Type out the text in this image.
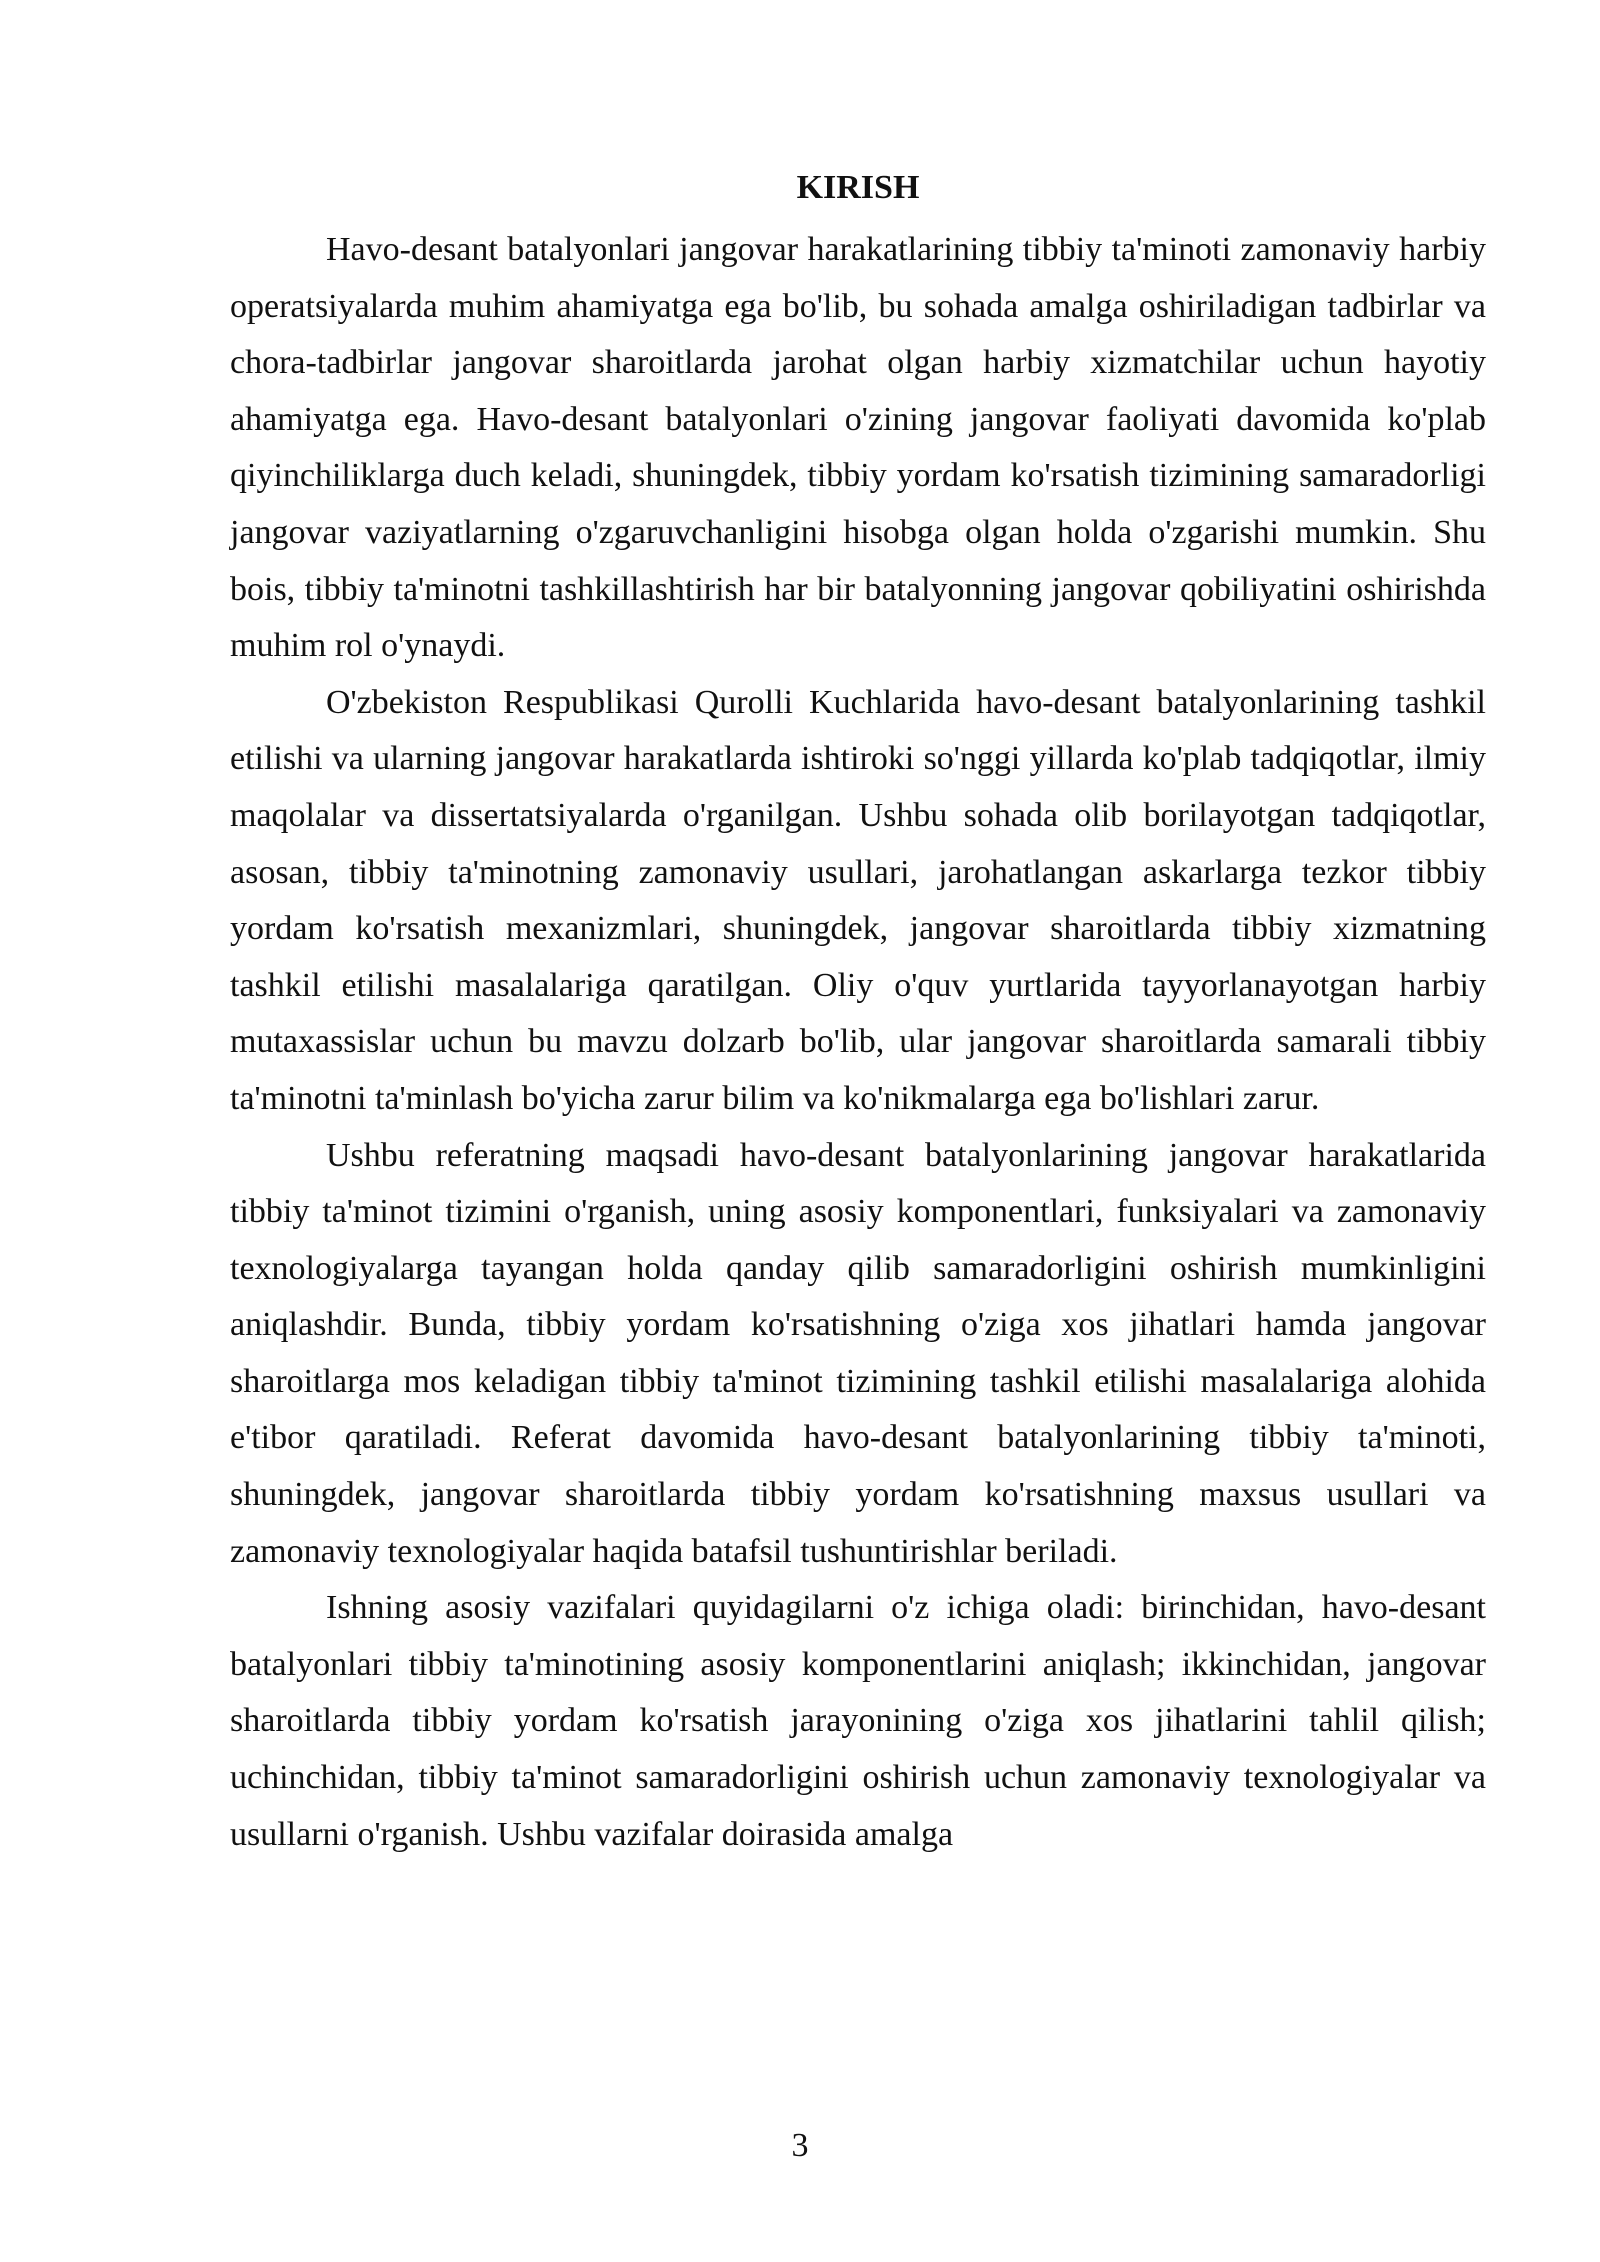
KIRISH

Havo-desant batalyonlari jangovar harakatlarining tibbiy ta'minoti zamonaviy harbiy operatsiyalarda muhim ahamiyatga ega bo'lib, bu sohada amalga oshiriladigan tadbirlar va chora-tadbirlar jangovar sharoitlarda jarohat olgan harbiy xizmatchilar uchun hayotiy ahamiyatga ega. Havo-desant batalyonlari o'zining jangovar faoliyati davomida ko'plab qiyinchiliklarga duch keladi, shuningdek, tibbiy yordam ko'rsatish tizimining samaradorligi jangovar vaziyatlarning o'zgaruvchanligini hisobga olgan holda o'zgarishi mumkin. Shu bois, tibbiy ta'minotni tashkillashtirish har bir batalyonning jangovar qobiliyatini oshirishda muhim rol o'ynaydi.

O'zbekiston Respublikasi Qurolli Kuchlarida havo-desant batalyonlarining tashkil etilishi va ularning jangovar harakatlarda ishtiroki so'nggi yillarda ko'plab tadqiqotlar, ilmiy maqolalar va dissertatsiyalarda o'rganilgan. Ushbu sohada olib borilayotgan tadqiqotlar, asosan, tibbiy ta'minotning zamonaviy usullari, jarohatlangan askarlarga tezkor tibbiy yordam ko'rsatish mexanizmlari, shuningdek, jangovar sharoitlarda tibbiy xizmatning tashkil etilishi masalalariga qaratilgan. Oliy o'quv yurtlarida tayyorlanayotgan harbiy mutaxassislar uchun bu mavzu dolzarb bo'lib, ular jangovar sharoitlarda samarali tibbiy ta'minotni ta'minlash bo'yicha zarur bilim va ko'nikmalarga ega bo'lishlari zarur.

Ushbu referatning maqsadi havo-desant batalyonlarining jangovar harakatlarida tibbiy ta'minot tizimini o'rganish, uning asosiy komponentlari, funksiyalari va zamonaviy texnologiyalarga tayangan holda qanday qilib samaradorligini oshirish mumkinligini aniqlashdir. Bunda, tibbiy yordam ko'rsatishning o'ziga xos jihatlari hamda jangovar sharoitlarga mos keladigan tibbiy ta'minot tizimining tashkil etilishi masalalariga alohida e'tibor qaratiladi. Referat davomida havo-desant batalyonlarining tibbiy ta'minoti, shuningdek, jangovar sharoitlarda tibbiy yordam ko'rsatishning maxsus usullari va zamonaviy texnologiyalar haqida batafsil tushuntirishlar beriladi.

Ishning asosiy vazifalari quyidagilarni o'z ichiga oladi: birinchidan, havo-desant batalyonlari tibbiy ta'minotining asosiy komponentlarini aniqlash; ikkinchidan, jangovar sharoitlarda tibbiy yordam ko'rsatish jarayonining o'ziga xos jihatlarini tahlil qilish; uchinchidan, tibbiy ta'minot samaradorligini oshirish uchun zamonaviy texnologiyalar va usullarni o'rganish. Ushbu vazifalar doirasida amalga

3
